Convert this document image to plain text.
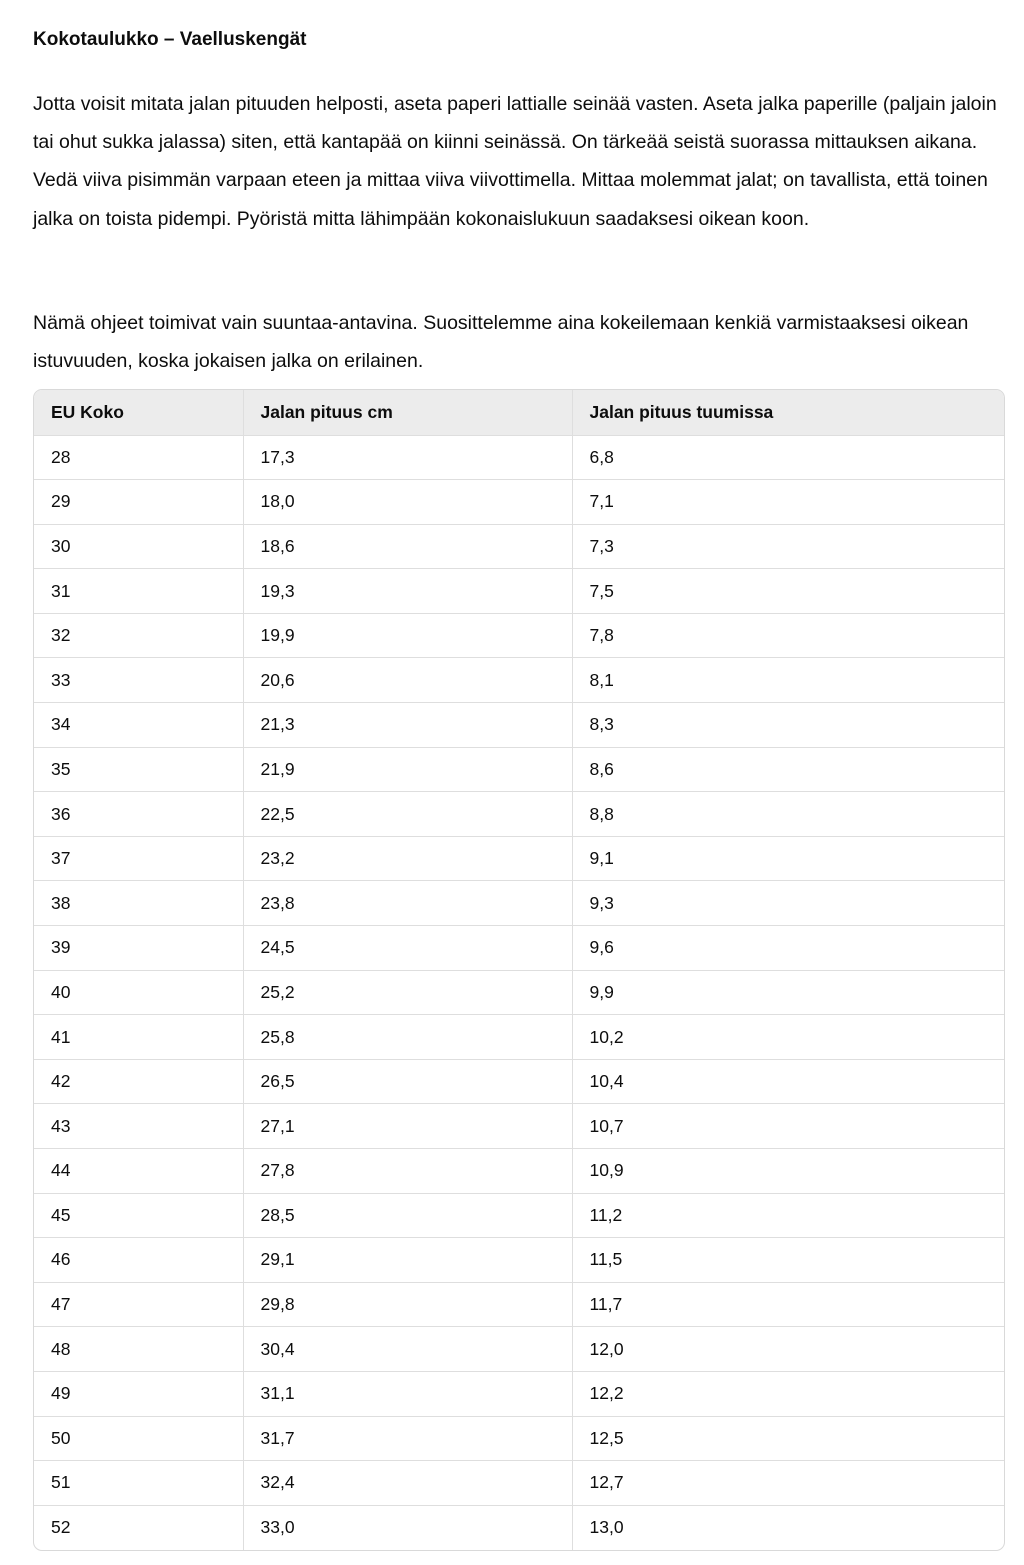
Kokotaulukko – Vaelluskengät

Jotta voisit mitata jalan pituuden helposti, aseta paperi lattialle seinää vasten. Aseta jalka paperille (paljain jaloin tai ohut sukka jalassa) siten, että kantapää on kiinni seinässä. On tärkeää seistä suorassa mittauksen aikana. Vedä viiva pisimmän varpaan eteen ja mittaa viiva viivottimella. Mittaa molemmat jalat; on tavallista, että toinen jalka on toista pidempi. Pyöristä mitta lähimpään kokonaislukuun saadaksesi oikean koon.

Nämä ohjeet toimivat vain suuntaa-antavina. Suosittelemme aina kokeilemaan kenkiä varmistaaksesi oikean istuvuuden, koska jokaisen jalka on erilainen.

EU Koko	Jalan pituus cm	Jalan pituus tuumissa
28	17,3	6,8
29	18,0	7,1
30	18,6	7,3
31	19,3	7,5
32	19,9	7,8
33	20,6	8,1
34	21,3	8,3
35	21,9	8,6
36	22,5	8,8
37	23,2	9,1
38	23,8	9,3
39	24,5	9,6
40	25,2	9,9
41	25,8	10,2
42	26,5	10,4
43	27,1	10,7
44	27,8	10,9
45	28,5	11,2
46	29,1	11,5
47	29,8	11,7
48	30,4	12,0
49	31,1	12,2
50	31,7	12,5
51	32,4	12,7
52	33,0	13,0
